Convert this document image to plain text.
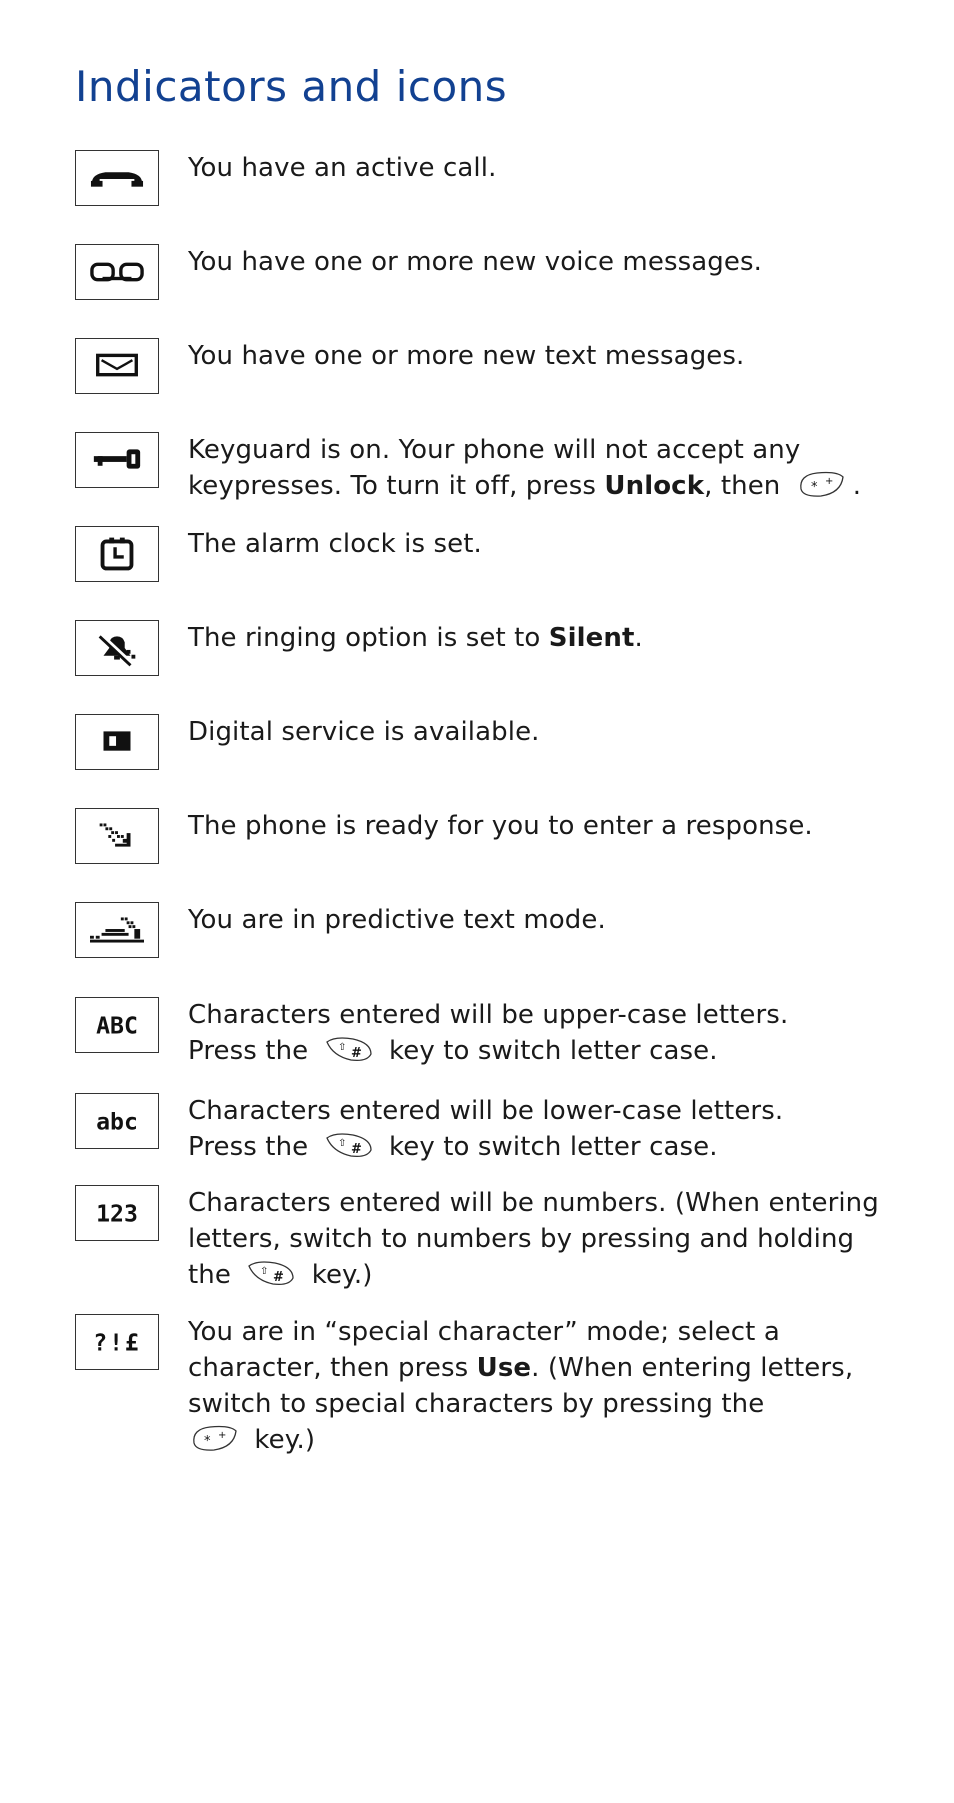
Indicators and icons
You have an active call.
You have one or more new voice messages.
You have one or more new text messages.
Keyguard is on. Your phone will not accept any
keypresses. To turn it off, press Unlock, then * + .
The alarm clock is set.
The ringing option is set to Silent.
Digital service is available.
The phone is ready for you to enter a response.
You are in predictive text mode.
ABC Characters entered will be upper-case letters.
Press the	⇧ # key to switch letter case.
abc Characters entered will be lower-case letters.
Press the	⇧ # key to switch letter case.
123 Characters entered will be numbers. (When entering
letters, switch to numbers by pressing and holding
the	⇧ # key.)
?!£ You are in “special character” mode; select a
character, then press Use. (When entering letters,
switch to special characters by pressing the

* + key.)
